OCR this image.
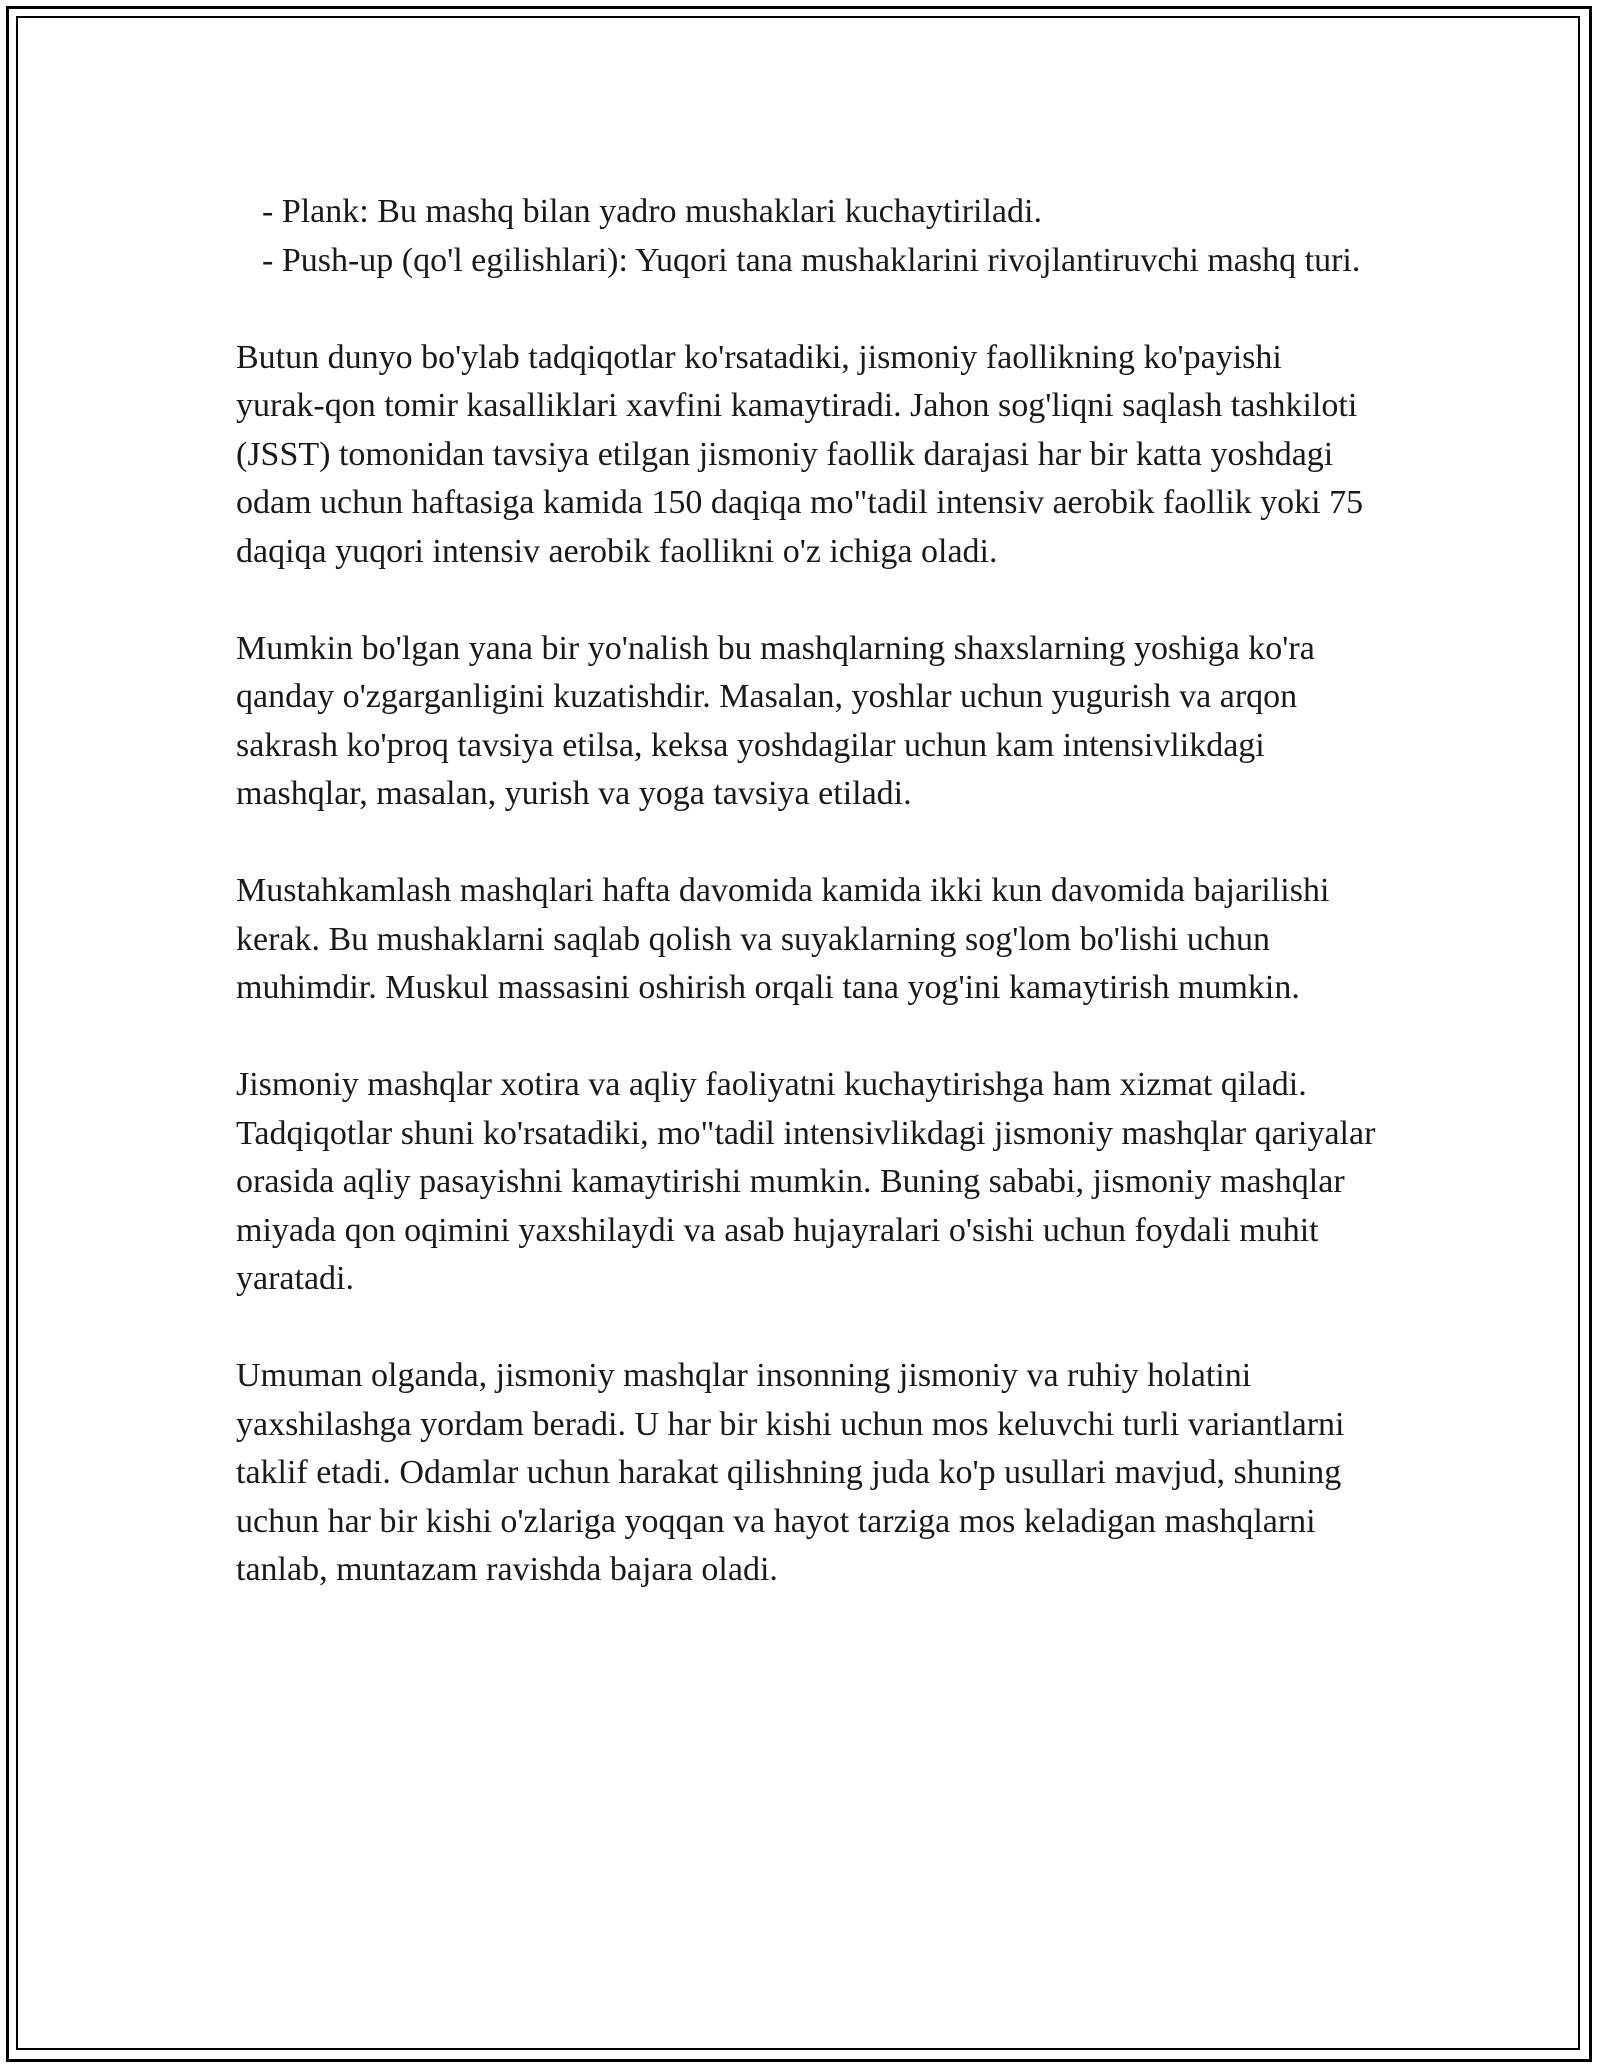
- Plank: Bu mashq bilan yadro mushaklari kuchaytiriladi.
- Push-up (qo'l egilishlari): Yuqori tana mushaklarini rivojlantiruvchi mashq turi.

Butun dunyo bo'ylab tadqiqotlar ko'rsatadiki, jismoniy faollikning ko'payishi yurak-qon tomir kasalliklari xavfini kamaytiradi. Jahon sog'liqni saqlash tashkiloti (JSST) tomonidan tavsiya etilgan jismoniy faollik darajasi har bir katta yoshdagi odam uchun haftasiga kamida 150 daqiqa mo"tadil intensiv aerobik faollik yoki 75 daqiqa yuqori intensiv aerobik faollikni o'z ichiga oladi.

Mumkin bo'lgan yana bir yo'nalish bu mashqlarning shaxslarning yoshiga ko'ra qanday o'zgarganligini kuzatishdir. Masalan, yoshlar uchun yugurish va arqon sakrash ko'proq tavsiya etilsa, keksa yoshdagilar uchun kam intensivlikdagi mashqlar, masalan, yurish va yoga tavsiya etiladi.

Mustahkamlash mashqlari hafta davomida kamida ikki kun davomida bajarilishi kerak. Bu mushaklarni saqlab qolish va suyaklarning sog'lom bo'lishi uchun muhimdir. Muskul massasini oshirish orqali tana yog'ini kamaytirish mumkin.

Jismoniy mashqlar xotira va aqliy faoliyatni kuchaytirishga ham xizmat qiladi. Tadqiqotlar shuni ko'rsatadiki, mo"tadil intensivlikdagi jismoniy mashqlar qariyalar orasida aqliy pasayishni kamaytirishi mumkin. Buning sababi, jismoniy mashqlar miyada qon oqimini yaxshilaydi va asab hujayralari o'sishi uchun foydali muhit yaratadi.

Umuman olganda, jismoniy mashqlar insonning jismoniy va ruhiy holatini yaxshilashga yordam beradi. U har bir kishi uchun mos keluvchi turli variantlarni taklif etadi. Odamlar uchun harakat qilishning juda ko'p usullari mavjud, shuning uchun har bir kishi o'zlariga yoqqan va hayot tarziga mos keladigan mashqlarni tanlab, muntazam ravishda bajara oladi.
